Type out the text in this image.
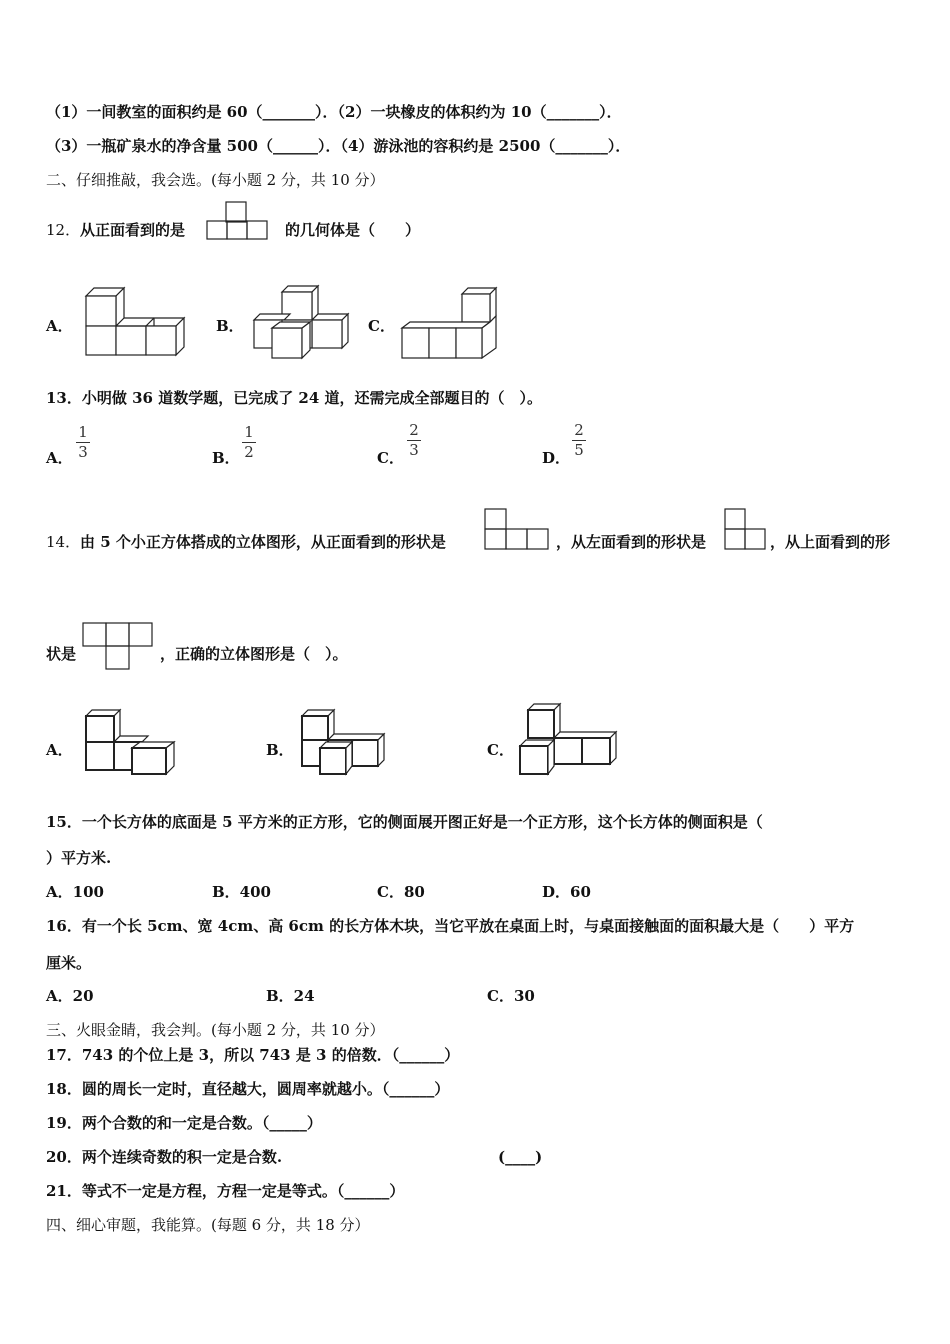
（1）一间教室的面积约是 60（_______）．（2）一块橡皮的体积约为 10（_______）．
（3）一瓶矿泉水的净含量 500（______）．（4）游泳池的容积约是 2500（_______）．
二、仔细推敲，我会选。(每小题 2 分，共 10 分）
12． 从正面看到的是	的几何体是（　　）
A．	B．	C．
13．小明做 36 道数学题，已完成了 24 道，还需完成全部题目的（　）。
A．
1
3	B．
1
2	C．
2
3	D．
2
5
14． 由 5 个小正方体搭成的立体图形，从正面看到的形状是	，从左面看到的形状是	，从上面看到的形
状是	，正确的立体图形是（　）。
A．	B．	C．
15．一个长方体的底面是 5 平方米的正方形，它的侧面展开图正好是一个正方形，这个长方体的侧面积是（
）平方米.
A．100	B．400	C．80	D．60
16．有一个长 5cm、宽 4cm、高 6cm 的长方体木块，当它平放在桌面上时，与桌面接触面的面积最大是（　　）平方
厘米。
A．20	B．24	C．30
三、火眼金睛，我会判。(每小题 2 分，共 10 分）
17．743 的个位上是 3，所以 743 是 3 的倍数．（______）
18．圆的周长一定时，直径越大，圆周率就越小。（______）
19．两个合数的和一定是合数。（_____）
20．两个连续奇数的积一定是合数.	(____)
21．等式不一定是方程，方程一定是等式。（______）
四、细心审题，我能算。(每题 6 分，共 18 分）
